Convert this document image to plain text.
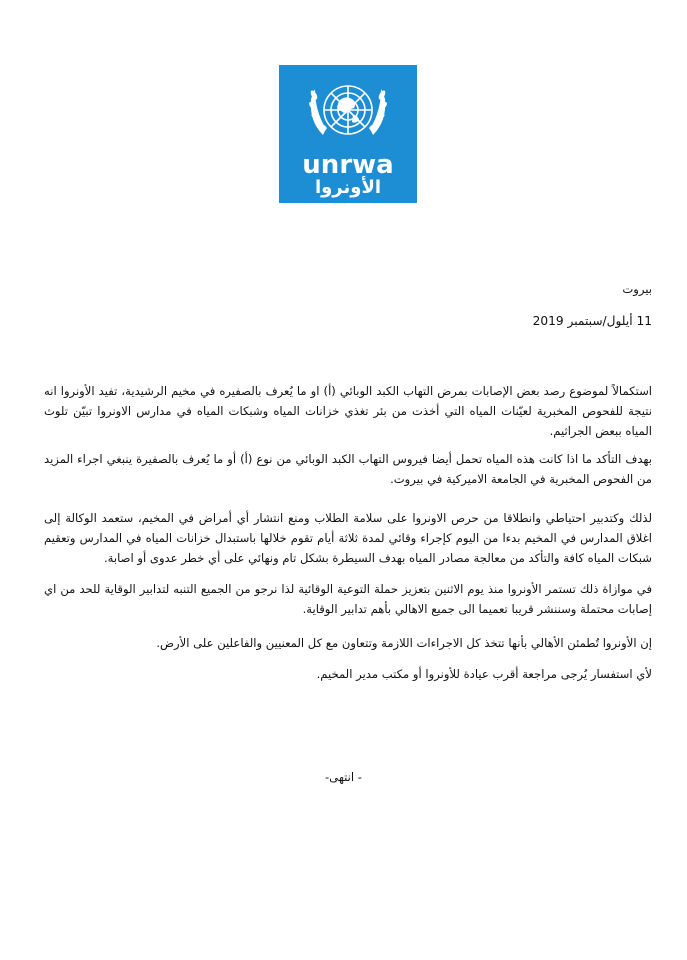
unrwa
الأونروا
بيروت
11 أيلول/سبتمبر 2019
استكمالاً لموضوع رصد بعض الإصابات بمرض التهاب الكبد الوبائي (أ) او ما يُعرف بالصفيره في مخيم الرشيدية، تفيد الأونروا انه نتيجة للفحوص المخبرية لعيّنات المياه التي أخذت من بئر تغذي خزانات المياه وشبكات المياه في مدارس الاونروا تبيّن تلوث المياه ببعض الجراثيم.
بهدف التأكد ما اذا كانت هذه المياه تحمل أيضا فيروس التهاب الكبد الوبائي من نوع (أ) أو ما يُعرف بالصفيرة ينبغي اجراء المزيد من الفحوص المخبرية في الجامعة الاميركية في بيروت.
لذلك وكتدبير احتياطي وانطلاقا من حرص الاونروا على سلامة الطلاب ومنع انتشار أي أمراض في المخيم، ستعمد الوكالة إلى اغلاق المدارس في المخيم بدءا من اليوم كإجراء وقائي لمدة ثلاثة أيام تقوم خلالها باستبدال خزانات المياه في المدارس وتعقيم شبكات المياه كافة والتأكد من معالجة مصادر المياه بهدف السيطرة بشكل تام ونهائي على أي خطر عدوى أو اصابة.
في موازاة ذلك تستمر الأونروا منذ يوم الاثنين بتعزيز حملة التوعية الوقائية لذا نرجو من الجميع التنبه لتدابير الوقاية للحد من اي إصابات محتملة وسننشر قريبا تعميما الى جميع الاهالي بأهم تدابير الوقاية.
إن الأونروا تُطمئن الأهالي بأنها تتخذ كل الاجراءات اللازمة وتتعاون مع كل المعنيين والفاعلين على الأرض.
لأي استفسار يُرجى مراجعة أقرب عيادة للأونروا أو مكتب مدير المخيم.
- انتهى-
